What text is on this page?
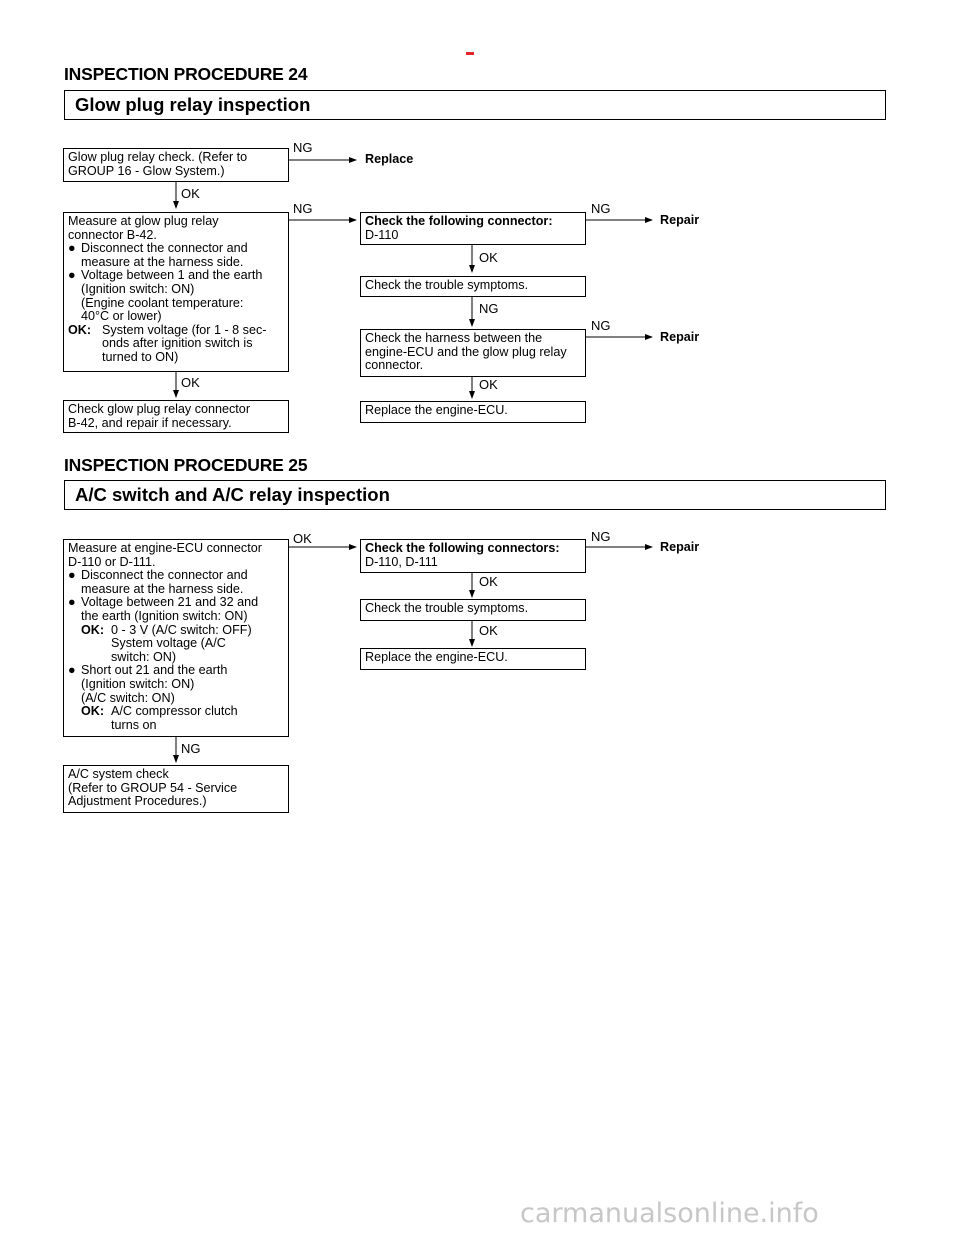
INSPECTION PROCEDURE 24
Glow plug relay inspection
Glow plug relay check. (Refer to
GROUP 16 - Glow System.)
NG
Replace
OK
Measure at glow plug relay
connector B-42.
● Disconnect the connector and
measure at the harness side.
● Voltage between 1 and the earth
(Ignition switch: ON)
(Engine coolant temperature:
40°C or lower)
OK: System voltage (for 1 - 8 sec-
onds after ignition switch is
turned to ON)
NG
Check the following connector:
D-110
NG
Repair
OK
Check the trouble symptoms.
NG
Check the harness between the
engine-ECU and the glow plug relay
connector.
NG
Repair
OK
Replace the engine-ECU.
OK
Check glow plug relay connector
B-42, and repair if necessary.
INSPECTION PROCEDURE 25
A/C switch and A/C relay inspection
Measure at engine-ECU connector
D-110 or D-111.
● Disconnect the connector and
measure at the harness side.
● Voltage between 21 and 32 and
the earth (Ignition switch: ON)
OK: 0 - 3 V (A/C switch: OFF)
System voltage (A/C
switch: ON)
● Short out 21 and the earth
(Ignition switch: ON)
(A/C switch: ON)
OK: A/C compressor clutch
turns on
OK
Check the following connectors:
D-110, D-111
NG
Repair
OK
Check the trouble symptoms.
OK
Replace the engine-ECU.
NG
A/C system check
(Refer to GROUP 54 - Service
Adjustment Procedures.)
carmanualsonline.info
